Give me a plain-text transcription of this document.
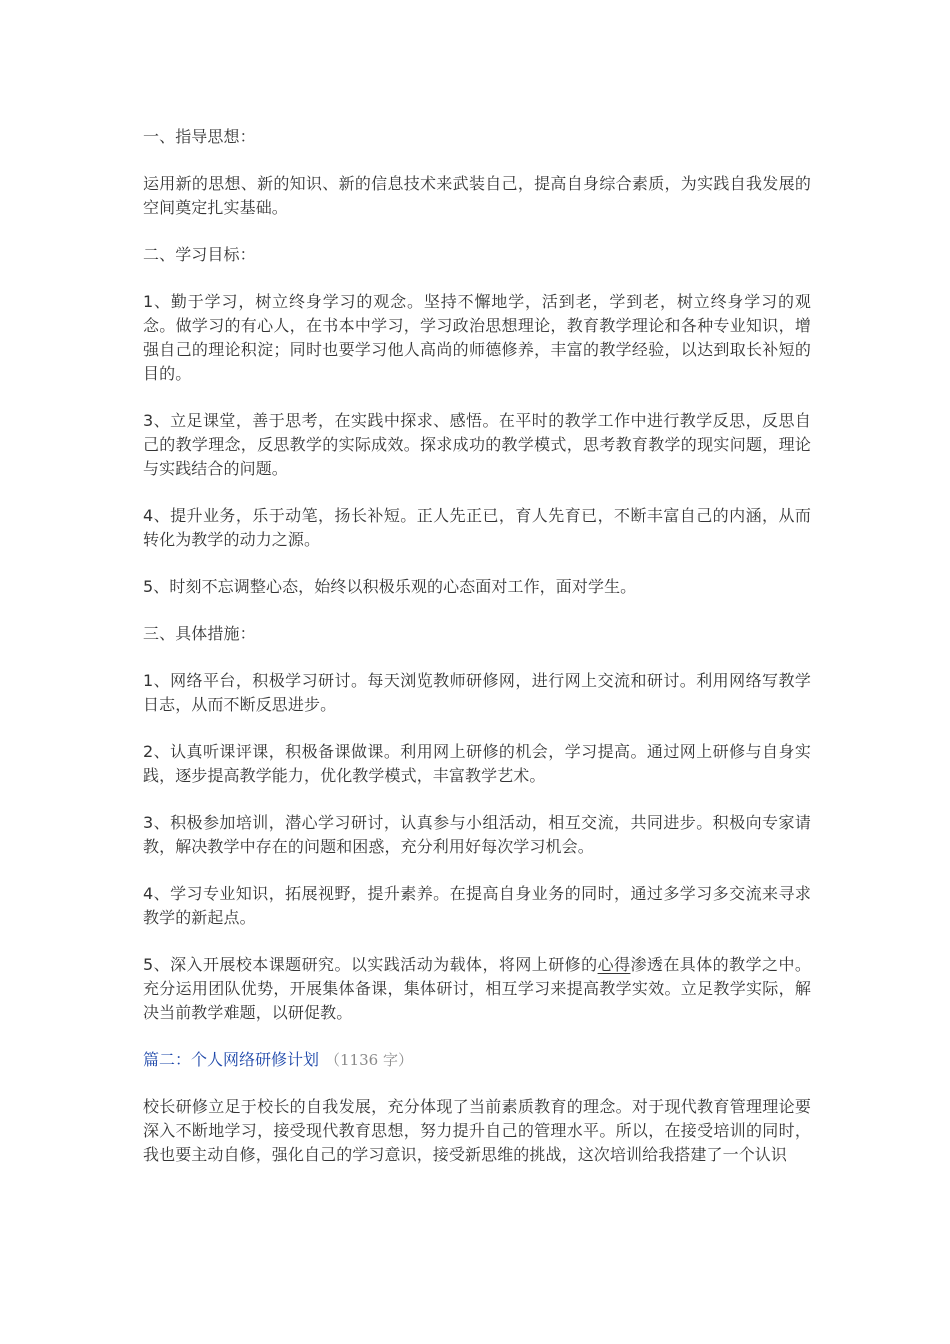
一、指导思想：
运用新的思想、新的知识、新的信息技术来武装自己，提高自身综合素质，为实践自我发展的空间奠定扎实基础。
二、学习目标：
1、勤于学习，树立终身学习的观念。坚持不懈地学，活到老，学到老，树立终身学习的观念。做学习的有心人，在书本中学习，学习政治思想理论，教育教学理论和各种专业知识，增强自己的理论积淀；同时也要学习他人高尚的师德修养，丰富的教学经验，以达到取长补短的目的。
3、立足课堂，善于思考，在实践中探求、感悟。在平时的教学工作中进行教学反思，反思自己的教学理念，反思教学的实际成效。探求成功的教学模式，思考教育教学的现实问题，理论与实践结合的问题。
4、提升业务，乐于动笔，扬长补短。正人先正已，育人先育已，不断丰富自己的内涵，从而转化为教学的动力之源。
5、时刻不忘调整心态，始终以积极乐观的心态面对工作，面对学生。
三、具体措施：
1、网络平台，积极学习研讨。每天浏览教师研修网，进行网上交流和研讨。利用网络写教学日志，从而不断反思进步。
2、认真听课评课，积极备课做课。利用网上研修的机会，学习提高。通过网上研修与自身实践，逐步提高教学能力，优化教学模式，丰富教学艺术。
3、积极参加培训，潜心学习研讨，认真参与小组活动，相互交流，共同进步。积极向专家请教，解决教学中存在的问题和困惑，充分利用好每次学习机会。
4、学习专业知识，拓展视野，提升素养。在提高自身业务的同时，通过多学习多交流来寻求教学的新起点。
5、深入开展校本课题研究。以实践活动为载体，将网上研修的心得渗透在具体的教学之中。充分运用团队优势，开展集体备课，集体研讨，相互学习来提高教学实效。立足教学实际，解决当前教学难题，以研促教。
篇二：个人网络研修计划 （1136 字）
校长研修立足于校长的自我发展，充分体现了当前素质教育的理念。对于现代教育管理理论要深入不断地学习，接受现代教育思想，努力提升自己的管理水平。所以，在接受培训的同时，我也要主动自修，强化自己的学习意识，接受新思维的挑战，这次培训给我搭建了一个认识
